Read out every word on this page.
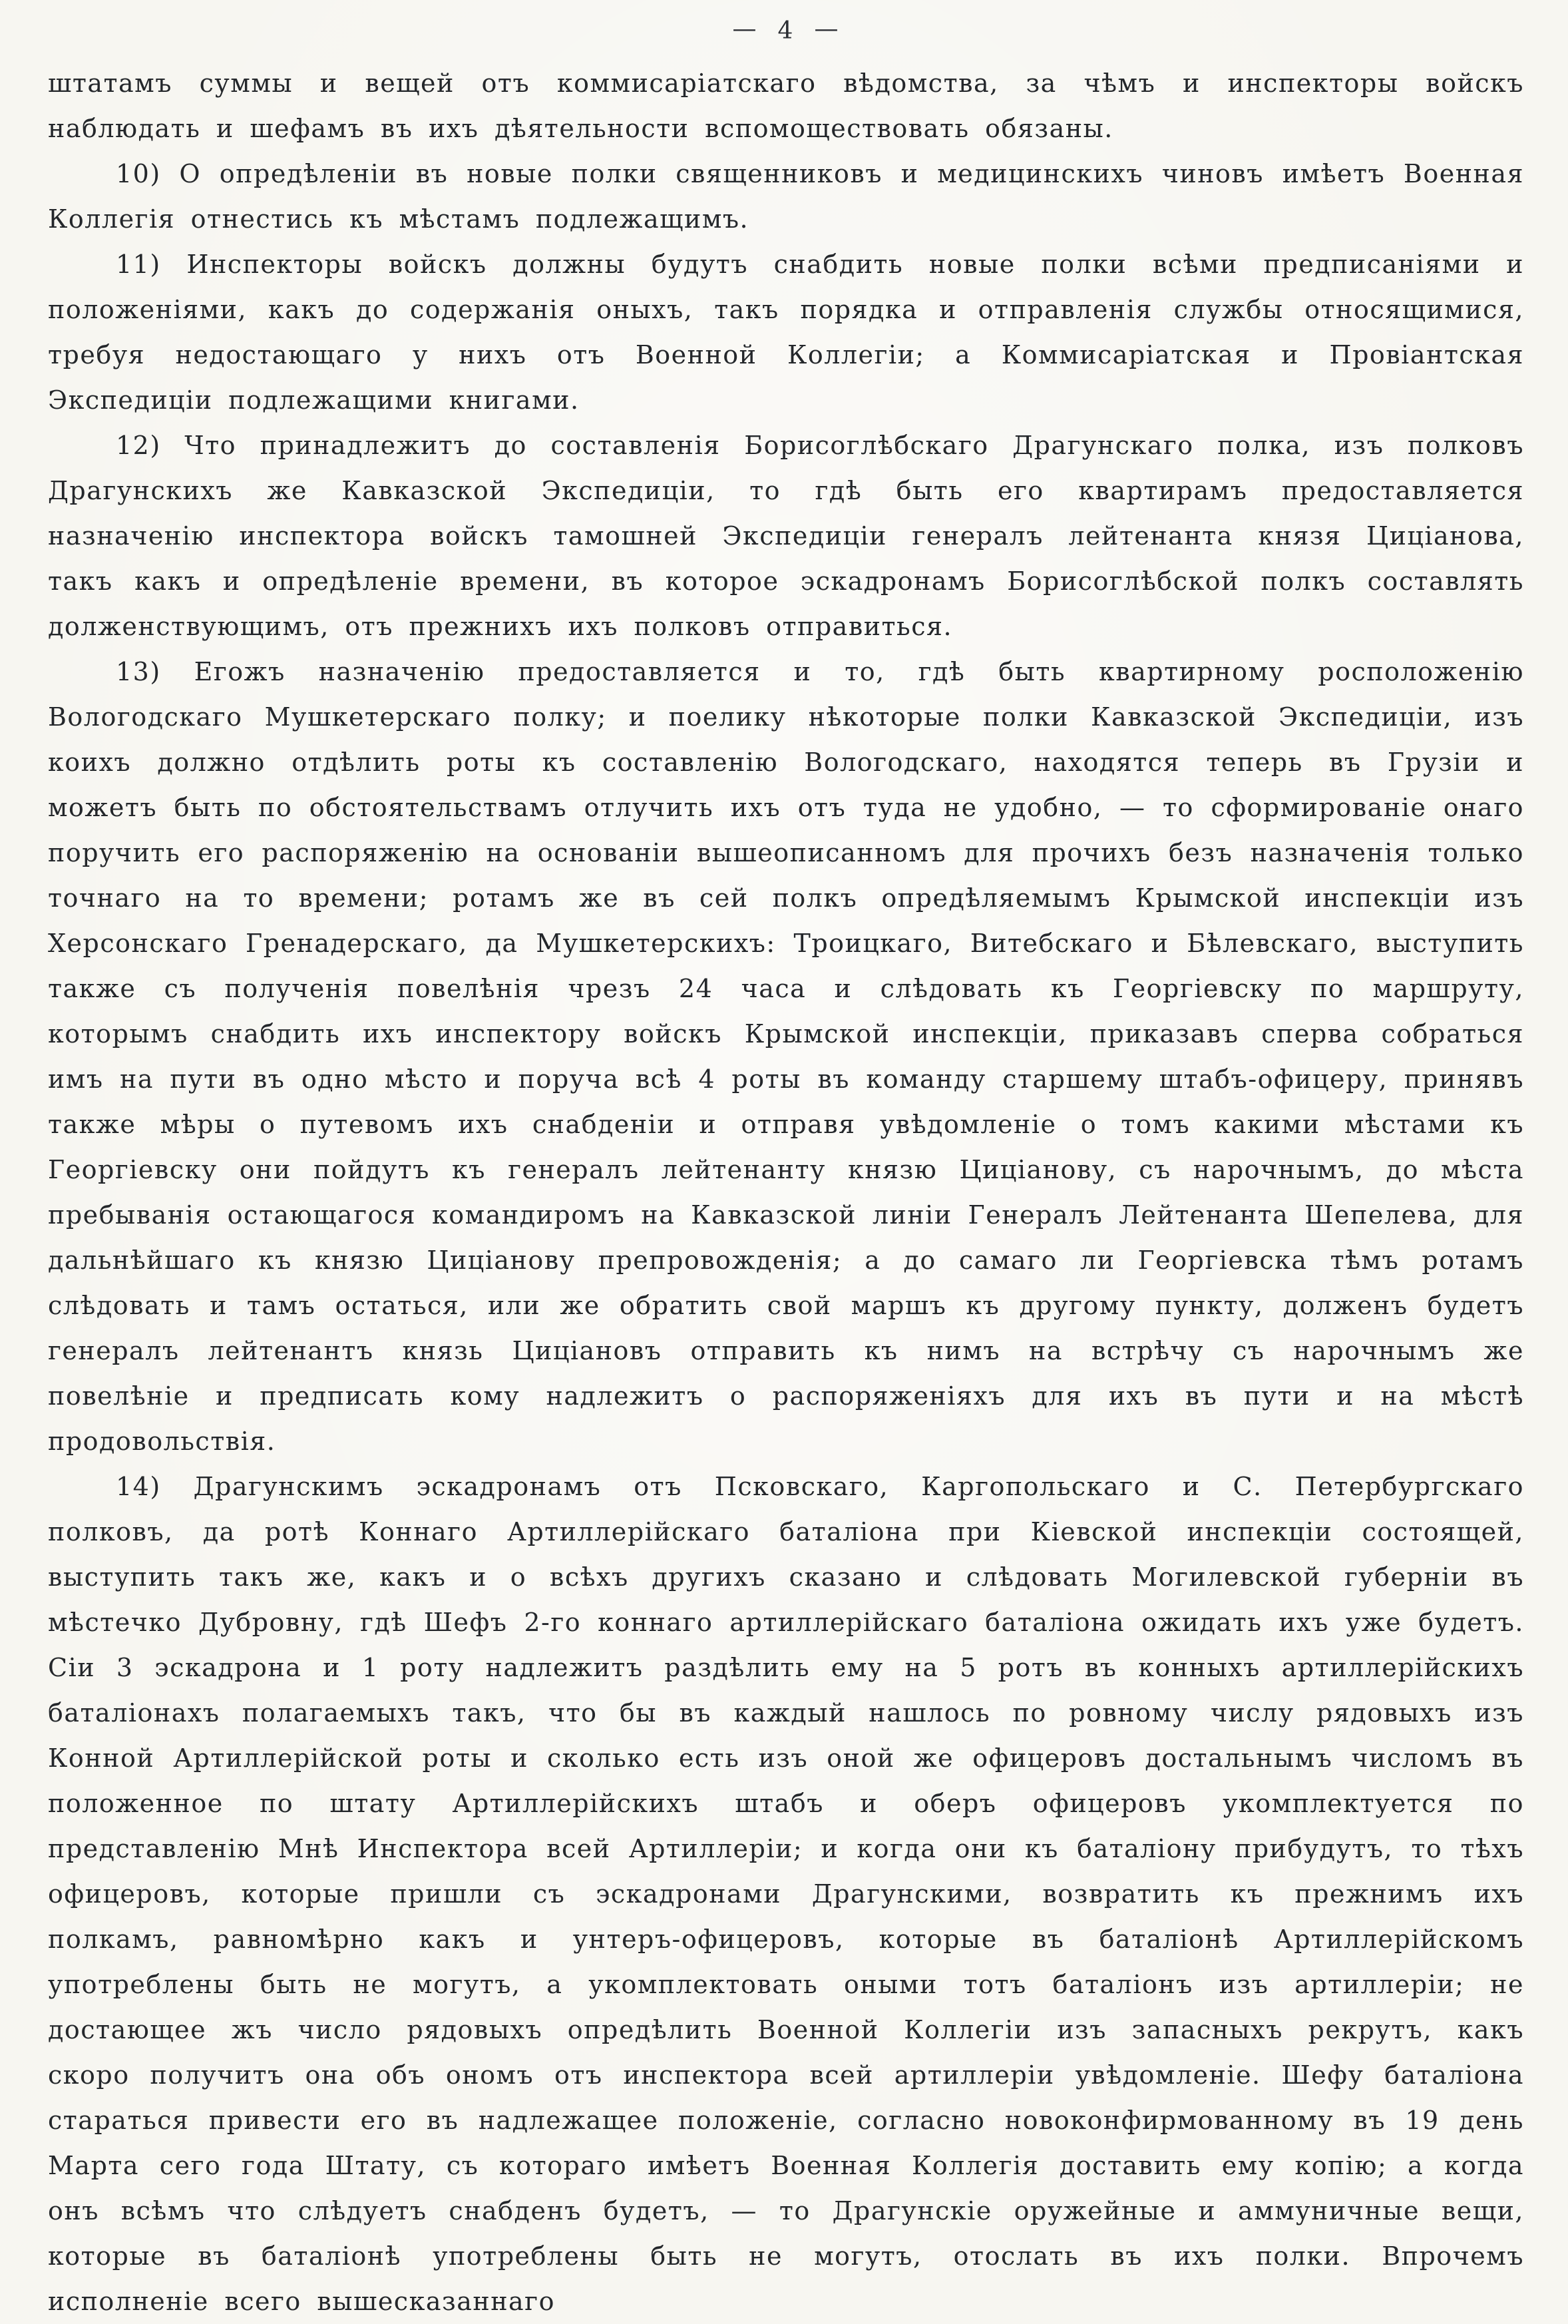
— 4 —

штатамъ суммы и вещей отъ коммисаріатскаго вѣдомства, за чѣмъ и инспекторы войскъ наблюдать и шефамъ въ ихъ дѣятельности вспомоществовать обязаны.

10) О опредѣленіи въ новые полки священниковъ и медицинскихъ чиновъ имѣетъ Военная Коллегія отнестись къ мѣстамъ подлежащимъ.

11) Инспекторы войскъ должны будутъ снабдить новые полки всѣми предписаніями и положеніями, какъ до содержанія оныхъ, такъ порядка и отправленія службы относящимися, требуя недостающаго у нихъ отъ Военной Коллегіи; а Коммисаріатская и Провіантская Экспедиціи подлежащими книгами.

12) Что принадлежитъ до составленія Борисоглѣбскаго Драгунскаго полка, изъ полковъ Драгунскихъ же Кавказской Экспедиціи, то гдѣ быть его квартирамъ предоставляется назначенію инспектора войскъ тамошней Экспедиціи генералъ лейтенанта князя Циціанова, такъ какъ и опредѣленіе времени, въ которое эскадронамъ Борисоглѣбской полкъ составлять долженствующимъ, отъ прежнихъ ихъ полковъ отправиться.

13) Егожъ назначенію предоставляется и то, гдѣ быть квартирному росположенію Вологодскаго Мушкетерскаго полку; и поелику нѣкоторые полки Кавказской Экспедиціи, изъ коихъ должно отдѣлить роты къ составленію Вологодскаго, находятся теперь въ Грузіи и можетъ быть по обстоятельствамъ отлучить ихъ отъ туда не удобно, — то сформированіе онаго поручить его распоряженію на основаніи вышеописанномъ для прочихъ безъ назначенія только точнаго на то времени; ротамъ же въ сей полкъ опредѣляемымъ Крымской инспекціи изъ Херсонскаго Гренадерскаго, да Мушкетерскихъ: Троицкаго, Витебскаго и Бѣлевскаго, выступить также съ полученія повелѣнія чрезъ 24 часа и слѣдовать къ Георгіевску по маршруту, которымъ снабдить ихъ инспектору войскъ Крымской инспекціи, приказавъ сперва собраться имъ на пути въ одно мѣсто и поруча всѣ 4 роты въ команду старшему штабъ-офицеру, принявъ также мѣры о путевомъ ихъ снабденіи и отправя увѣдомленіе о томъ какими мѣстами къ Георгіевску они пойдутъ къ генералъ лейтенанту князю Циціанову, съ нарочнымъ, до мѣста пребыванія остающагося командиромъ на Кавказской линіи Генералъ Лейтенанта Шепелева, для дальнѣйшаго къ князю Циціанову препровожденія; а до самаго ли Георгіевска тѣмъ ротамъ слѣдовать и тамъ остаться, или же обратить свой маршъ къ другому пункту, долженъ будетъ генералъ лейтенантъ князь Циціановъ отправить къ нимъ на встрѣчу съ нарочнымъ же повелѣніе и предписать кому надлежитъ о распоряженіяхъ для ихъ въ пути и на мѣстѣ продовольствія.

14) Драгунскимъ эскадронамъ отъ Псковскаго, Каргопольскаго и С. Петербургскаго полковъ, да ротѣ Коннаго Артиллерійскаго баталіона при Кіевской инспекціи состоящей, выступить такъ же, какъ и о всѣхъ другихъ сказано и слѣдовать Могилевской губерніи въ мѣстечко Дубровну, гдѣ Шефъ 2-го коннаго артиллерійскаго баталіона ожидать ихъ уже будетъ. Сіи 3 эскадрона и 1 роту надлежитъ раздѣлить ему на 5 ротъ въ конныхъ артиллерійскихъ баталіонахъ полагаемыхъ такъ, что бы въ каждый нашлось по ровному числу рядовыхъ изъ Конной Артиллерійской роты и сколько есть изъ оной же офицеровъ достальнымъ числомъ въ положенное по штату Артиллерійскихъ штабъ и оберъ офицеровъ укомплектуется по представленію Мнѣ Инспектора всей Артиллеріи; и когда они къ баталіону прибудутъ, то тѣхъ офицеровъ, которые пришли съ эскадронами Драгунскими, возвратить къ прежнимъ ихъ полкамъ, равномѣрно какъ и унтеръ-офицеровъ, которые въ баталіонѣ Артиллерійскомъ употреблены быть не могутъ, а укомплектовать оными тотъ баталіонъ изъ артиллеріи; не достающее жъ число рядовыхъ опредѣлить Военной Коллегіи изъ запасныхъ рекрутъ, какъ скоро получитъ она объ ономъ отъ инспектора всей артиллеріи увѣдомленіе. Шефу баталіона стараться привести его въ надлежащее положеніе, согласно новоконфирмованному въ 19 день Марта сего года Штату, съ котораго имѣетъ Военная Коллегія доставить ему копію; а когда онъ всѣмъ что слѣдуетъ снабденъ будетъ, — то Драгунскіе оружейные и аммуничные вещи, которые въ баталіонѣ употреблены быть не могутъ, отослать въ ихъ полки. Впрочемъ исполненіе всего вышесказаннаго
